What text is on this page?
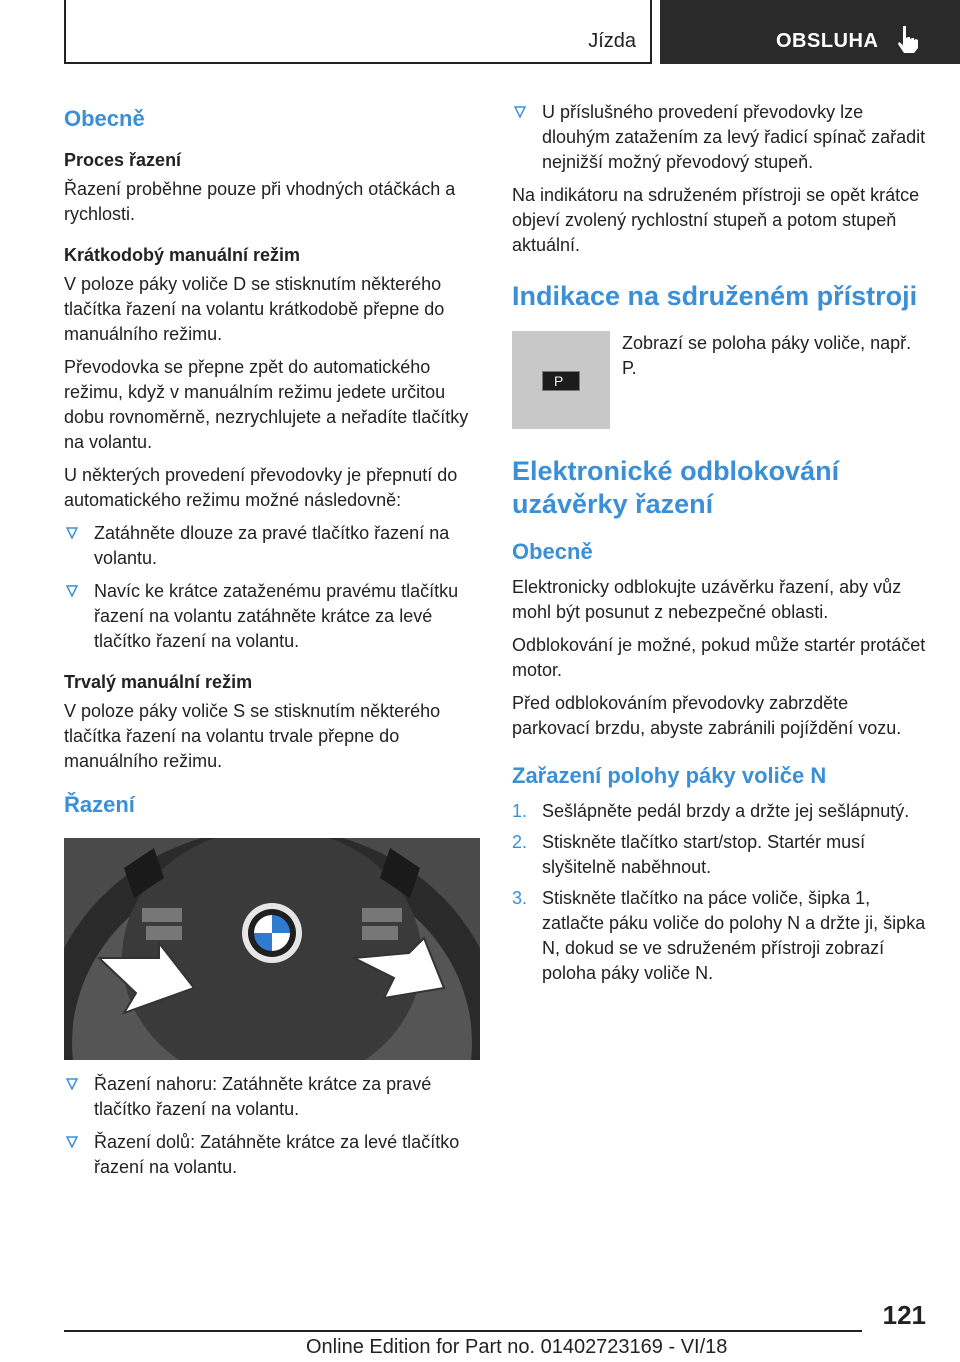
Jízda	OBSLUHA
Obecně
Proces řazení

Řazení proběhne pouze při vhodných otáčkách a rychlosti.

Krátkodobý manuální režim

V poloze páky voliče D se stisknutím některého tlačítka řazení na volantu krátkodobě přepne do manuálního režimu.

Převodovka se přepne zpět do automatického režimu, když v manuálním režimu jedete určitou dobu rovnoměrně, nezrychlujete a neřadíte tlačítky na volantu.

U některých provedení převodovky je přepnutí do automatického režimu možné následovně:

Zatáhněte dlouze za pravé tlačítko řazení na volantu.
Navíc ke krátce zataženému pravému tlačítku řazení na volantu zatáhněte krátce za levé tlačítko řazení na volantu.
Trvalý manuální režim

V poloze páky voliče S se stisknutím některého tlačítka řazení na volantu trvale přepne do manuálního režimu.

Řazení
Řazení nahoru: Zatáhněte krátce za pravé tlačítko řazení na volantu.
Řazení dolů: Zatáhněte krátce za levé tlačítko řazení na volantu.
U příslušného provedení převodovky lze dlouhým zatažením za levý řadicí spínač zařadit nejnižší možný převodový stupeň.

Na indikátoru na sdruženém přístroji se opět krátce objeví zvolený rychlostní stupeň a potom stupeň aktuální.

Indikace na sdruženém přístroji
P
Zobrazí se poloha páky voliče, např. P.
Elektronické odblokování uzávěrky řazení
Obecně

Elektronicky odblokujte uzávěrku řazení, aby vůz mohl být posunut z nebezpečné oblasti.

Odblokování je možné, pokud může startér protáčet motor.

Před odblokováním převodovky zabrzděte parkovací brzdu, abyste zabránili pojíždění vozu.

Zařazení polohy páky voliče N
1. Sešlápněte pedál brzdy a držte jej sešlápnutý.
2. Stiskněte tlačítko start/stop. Startér musí slyšitelně naběhnout.
3. Stiskněte tlačítko na páce voliče, šipka 1, zatlačte páku voliče do polohy N a držte ji, šipka N, dokud se ve sdruženém přístroji zobrazí poloha páky voliče N.
121
Online Edition for Part no. 01402723169 - VI/18
